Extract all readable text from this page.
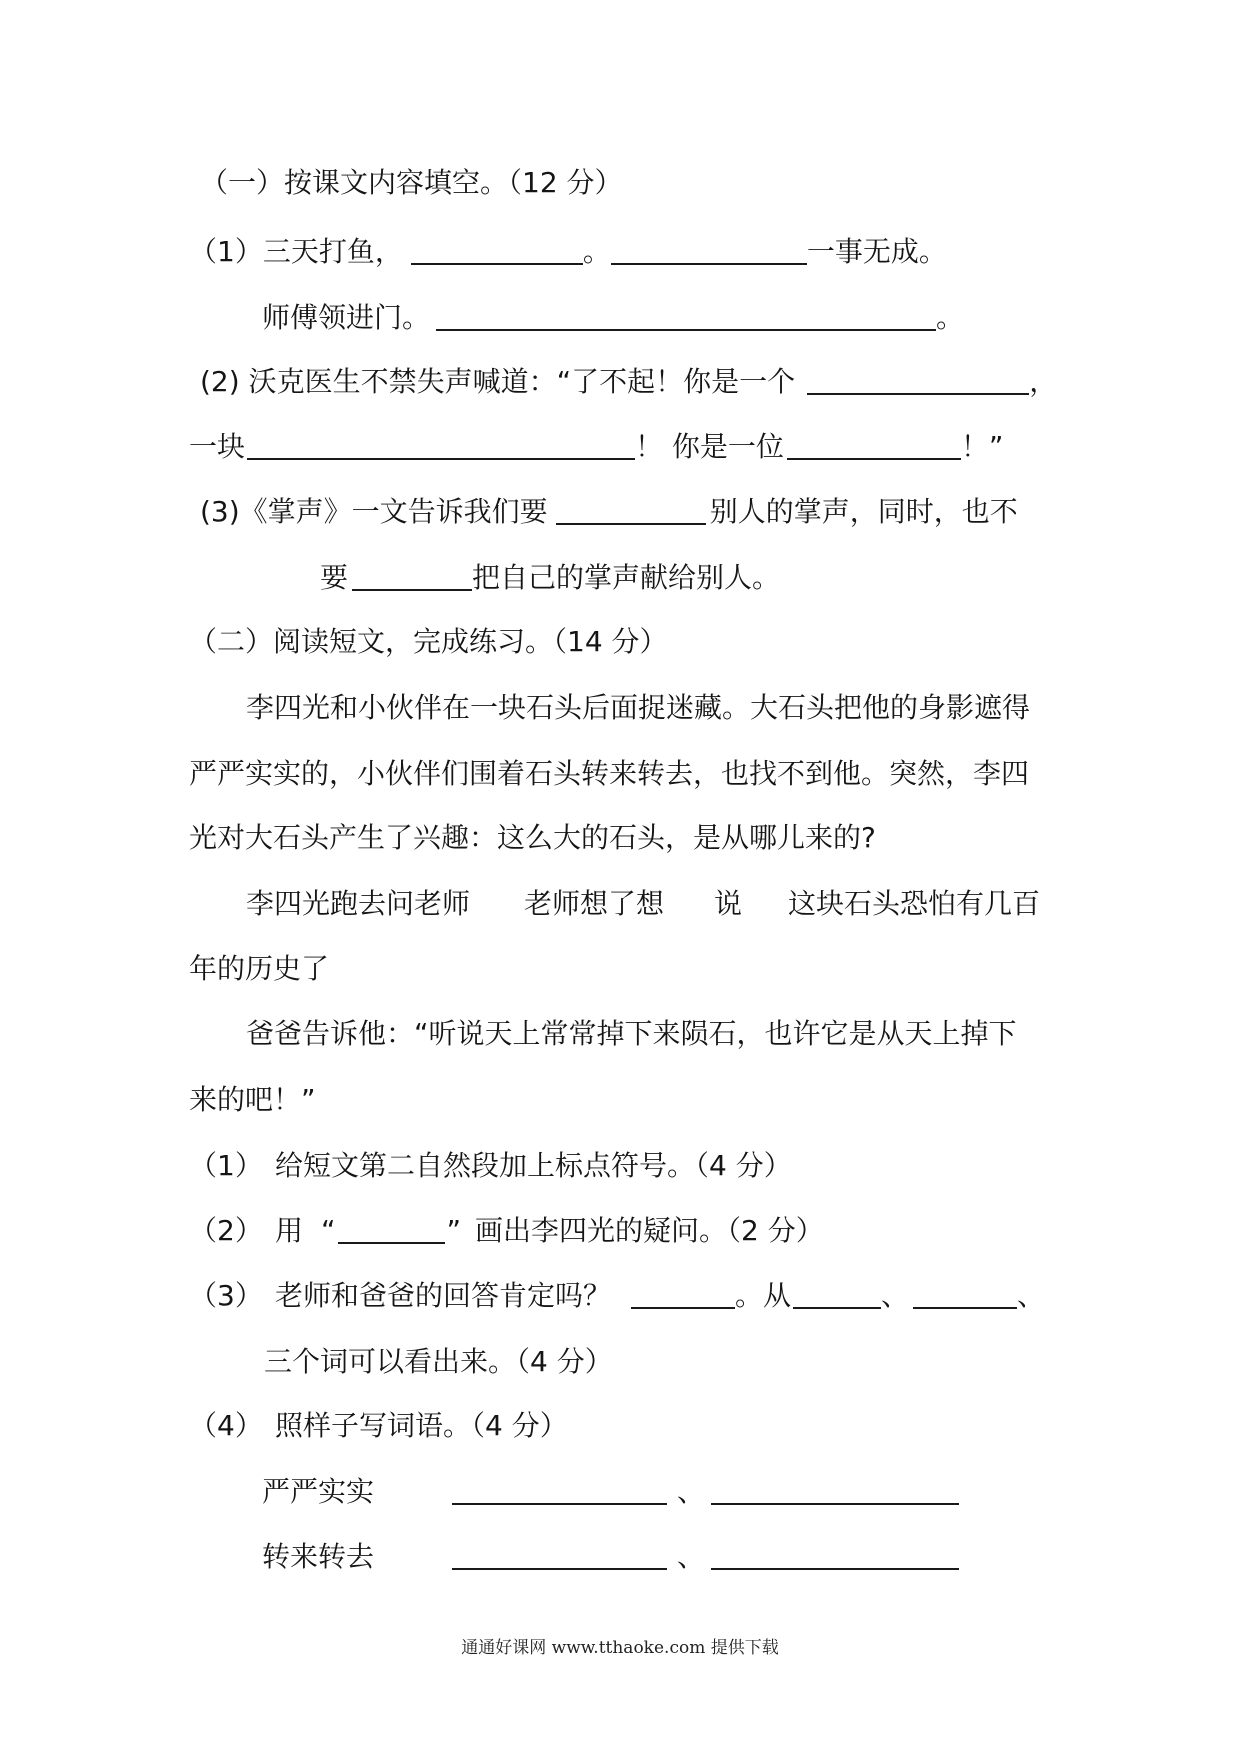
（一）按课文内容填空。（12 分）
（1）三天打鱼，	。	一事无成。
师傅领进门。	。
(2) 沃克医生不禁失声喊道：“了不起！你是一个	，
一块	！ 你是一位	！”
(3)《掌声》一文告诉我们要	别人的掌声，同时，也不
要	把自己的掌声献给别人。
（二）阅读短文，完成练习。（14 分）
李四光和小伙伴在一块石头后面捉迷藏。大石头把他的身影遮得
严严实实的，小伙伴们围着石头转来转去，也找不到他。突然，李四
光对大石头产生了兴趣：这么大的石头，是从哪儿来的?
李四光跑去问老师 老师想了想 说 这块石头恐怕有几百
年的历史了
爸爸告诉他：“听说天上常常掉下来陨石，也许它是从天上掉下
来的吧！”
（1） 给短文第二自然段加上标点符号。（4 分）
（2） 用 “	” 画出李四光的疑问。（2 分）
（3） 老师和爸爸的回答肯定吗？	。从	、	、
三个词可以看出来。（4 分）
（4） 照样子写词语。（4 分）
严严实实	、
转来转去	、
通通好课网 www.tthaoke.com 提供下载
